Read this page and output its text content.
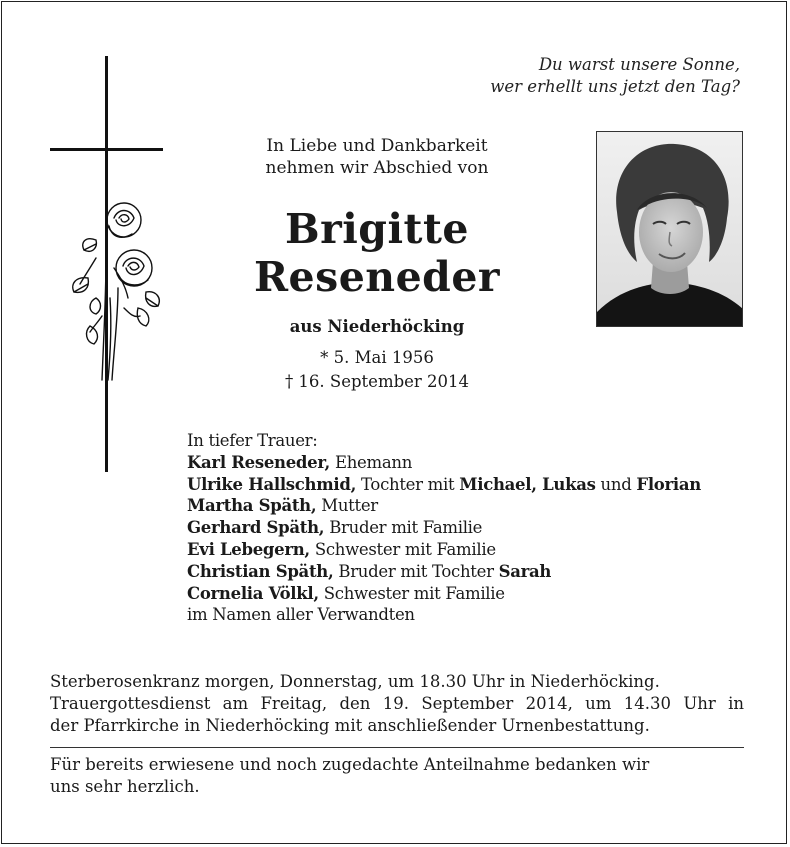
Du warst unsere Sonne,
wer erhellt uns jetzt den Tag?
In Liebe und Dankbarkeit
nehmen wir Abschied von
Brigitte
Reseneder
aus Niederhöcking
* 5. Mai 1956
† 16. September 2014
In tiefer Trauer:
Karl Reseneder, Ehemann
Ulrike Hallschmid, Tochter mit Michael, Lukas und Florian
Martha Späth, Mutter
Gerhard Späth, Bruder mit Familie
Evi Lebegern, Schwester mit Familie
Christian Späth, Bruder mit Tochter Sarah
Cornelia Völkl, Schwester mit Familie
im Namen aller Verwandten
Sterberosenkranz morgen, Donnerstag, um 18.30 Uhr in Niederhöcking.
Trauergottesdienst am Freitag, den 19. September 2014, um 14.30 Uhr in
der Pfarrkirche in Niederhöcking mit anschließender Urnenbestattung.
Für bereits erwiesene und noch zugedachte Anteilnahme bedanken wir
uns sehr herzlich.
